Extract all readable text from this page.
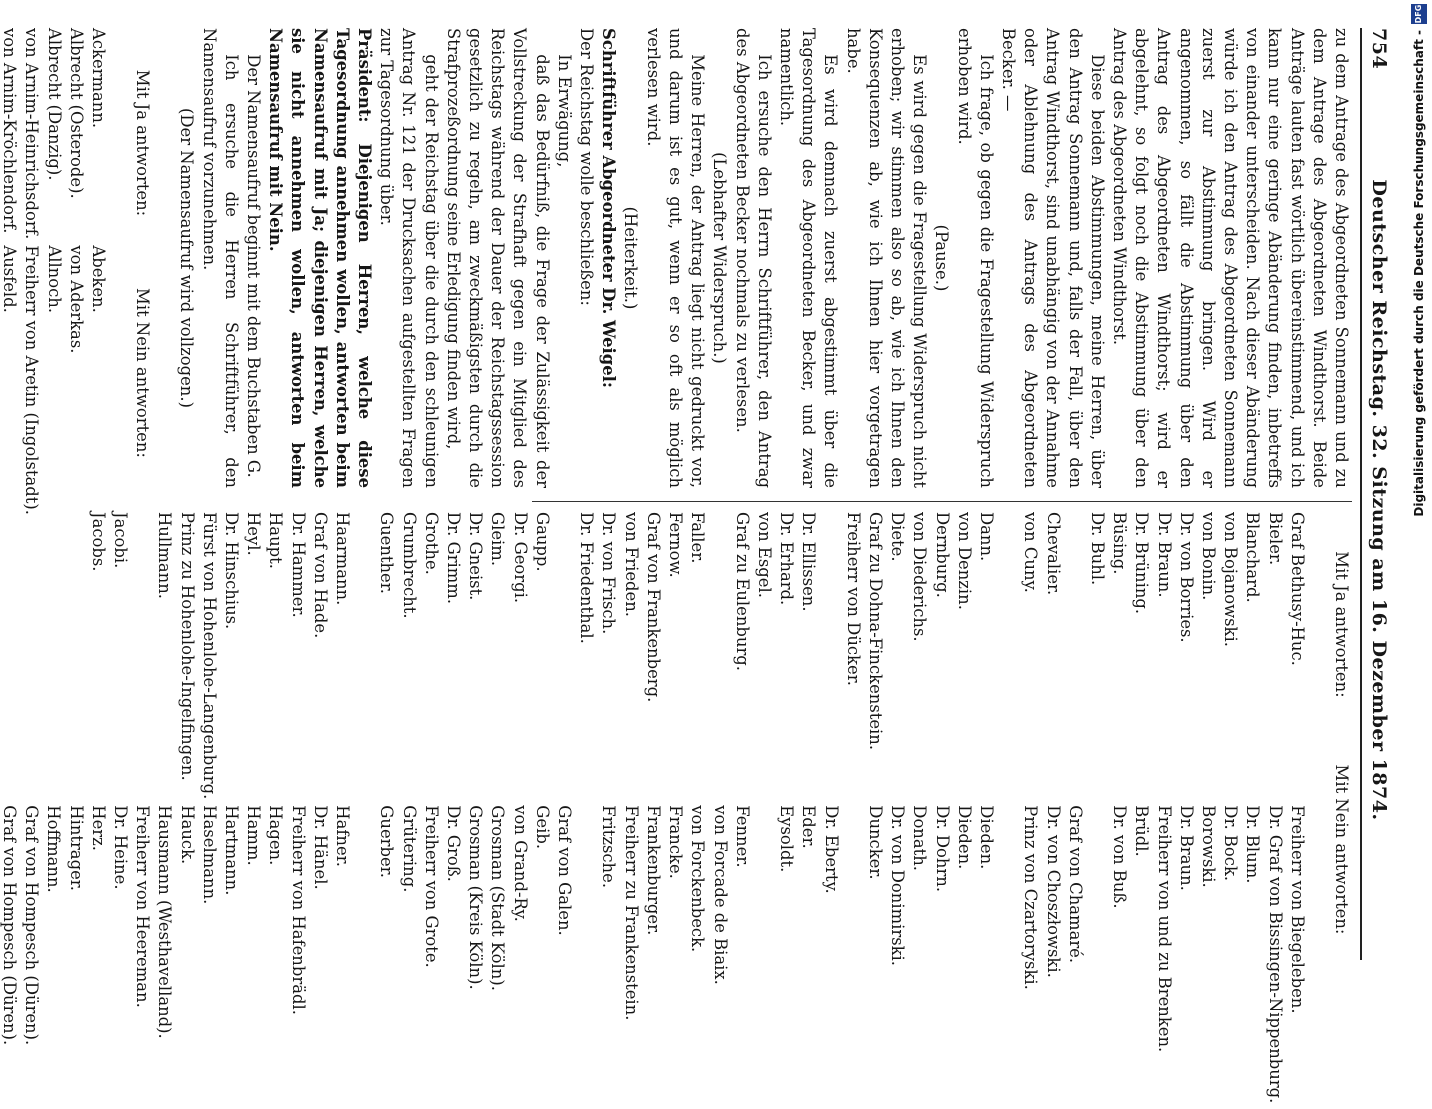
754
Deutscher Reichstag. 32. Sitzung am 16. Dezember 1874.

zu dem Antrage des Abgeordneten Sonnemann und zu dem Antrage des Abgeordneten Windthorst. Beide Anträge lauten fast wörtlich übereinstimmend, und ich kann nur eine geringe Abänderung finden, inbetreffs von einander unterscheiden. Nach dieser Abänderung würde ich den Antrag des Abgeordneten Sonnemann zuerst zur Abstimmung bringen. Wird er angenommen, so fällt die Abstimmung über den Antrag des Abgeordneten Windthorst; wird er abgelehnt, so folgt noch die Abstimmung über den Antrag des Abgeordneten Windthorst.

Diese beiden Abstimmungen, meine Herren, über den Antrag Sonnemann und, falls der Fall, über den Antrag Windthorst, sind unabhängig von der Annahme oder Ablehnung des Antrags des Abgeordneten Becker. —

Ich frage, ob gegen die Fragestellung Widerspruch erhoben wird.

(Pause.)

Es wird gegen die Fragestellung Widerspruch nicht erhoben; wir stimmen also so ab, wie ich Ihnen den Konsequenzen ab, wie ich Ihnen hier vorgetragen habe.

Es wird demnach zuerst abgestimmt über die Tagesordnung des Abgeordneten Becker, und zwar namentlich.

Ich ersuche den Herrn Schriftführer, den Antrag des Abgeordneten Becker nochmals zu verlesen.

(Lebhafter Widerspruch.)

Meine Herren, der Antrag liegt nicht gedruckt vor, und darum ist es gut, wenn er so oft als möglich verlesen wird.

(Heiterkeit.)

Schriftführer Abgeordneter Dr. Weigel:

Der Reichstag wolle beschließen:

In Erwägung,

daß das Bedürfniß, die Frage der Zulässigkeit der Vollstreckung der Strafhaft gegen ein Mitglied des Reichstags während der Dauer der Reichstagssession gesetzlich zu regeln, am zweckmäßigsten durch die Strafprozeßordnung seine Erledigung finden wird,

geht der Reichstag über die durch den schleunigen Antrag Nr. 121 der Drucksachen aufgestellten Fragen zur Tagesordnung über.

Präsident: Diejenigen Herren, welche diese Tagesordnung annehmen wollen, antworten beim Namensaufruf mit Ja; diejenigen Herren, welche sie nicht annehmen wollen, antworten beim Namensaufruf mit Nein.

Der Namensaufruf beginnt mit dem Buchstaben G.

Ich ersuche die Herren Schriftführer, den Namensaufruf vorzunehmen.

(Der Namensaufruf wird vollzogen.)

Mit Ja antworten:
Mit Nein antworten:
Ackermann.
Albrecht (Osterode).
Albrecht (Danzig).
von Arnim-Heinrichsdorf.
von Arnim-Kröchlendorf.

Abeken.
von Aderkas.
Allnoch.
Freiherr von Aretin (Ingolstadt).
Ausfeld.

Mit Ja antworten:
Mit Nein antworten:
Graf Bethusy-Huc.
Bieler.
Blanchard.
von Bojanowski.
von Bonin.
Dr. von Borries.
Dr. Braun.
Dr. Brüning.
Büsing.
Dr. Buhl.

Chevalier.
von Cuny.

Dann.
von Denzin.
Dernburg.
von Diederichs.
Diete.
Graf zu Dohna-Finckenstein.
Freiherr von Dücker.

Dr. Ellissen.
Dr. Erhard.
von Esgel.
Graf zu Eulenburg.

Faller.
Fernow.
Graf von Frankenberg.
von Frieden.
Dr. von Frisch.
Dr. Friedenthal.

Gaupp.
Dr. Georgi.
Gleim.
Dr. Gneist.
Dr. Grimm.
Grothe.
Grumbrecht.
Guenther.

Haarmann.
Graf von Hade.
Dr. Hammer.
Haupt.
Heyl.
Dr. Hinschius.
Fürst von Hohenlohe-Langenburg.
Prinz zu Hohenlohe-Ingelfingen.
Hullmann.

Jacobi.
Jacobs.
Freiherr von Biegeleben.
Dr. Graf von Bissingen-Nippenburg.
Dr. Blum.
Dr. Bock.
Borowski.
Dr. Braun.
Freiherr von und zu Brenken.
Brüdl.
Dr. von Buß.

Graf von Chamaré.
Dr. von Choszłowski.
Prinz von Czartoryski.

Dieden.
Dieden.
Dr. Dohrn.
Donath.
Dr. von Donimirski.
Duncker.

Dr. Eberty.
Eder.
Eysoldt.

Fenner.
von Forcade de Biaix.
von Forckenbeck.
Francke.
Frankenburger.
Freiherr zu Frankenstein.
Fritzsche.

Graf von Galen.
Geib.
von Grand-Ry.
Grosman (Stadt Köln).
Grosman (Kreis Köln).
Dr. Groß.
Freiherr von Grote.
Grütering.
Guerber.

Hafner.
Dr. Hänel.
Freiherr von Hafenbrädl.
Hagen.
Hamm.
Hartmann.
Haselmann.
Hauck.
Hausmann (Westhavelland).
Freiherr von Heereman.
Dr. Heine.
Herz.
Hintrager.
Hoffmann.
Graf von Hompesch (Düren).
Graf von Hompesch (Düren).
Digitalisierung gefördert durch die Deutsche Forschungsgemeinschaft -
DFG
